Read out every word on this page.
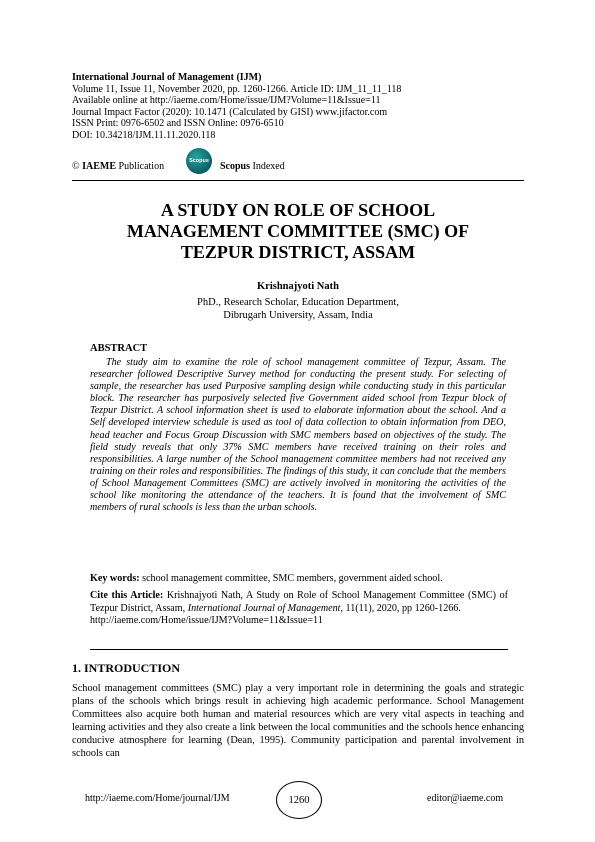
International Journal of Management (IJM)
Volume 11, Issue 11, November 2020, pp. 1260-1266. Article ID: IJM_11_11_118
Available online at http://iaeme.com/Home/issue/IJM?Volume=11&Issue=11
Journal Impact Factor (2020): 10.1471 (Calculated by GISI) www.jifactor.com
ISSN Print: 0976-6502 and ISSN Online: 0976-6510
DOI: 10.34218/IJM.11.11.2020.118
© IAEME Publication	Scopus Scopus Indexed
A STUDY ON ROLE OF SCHOOL
MANAGEMENT COMMITTEE (SMC) OF
TEZPUR DISTRICT, ASSAM
Krishnajyoti Nath
PhD., Research Scholar, Education Department,
Dibrugarh University, Assam, India
ABSTRACT

The study aim to examine the role of school management committee of Tezpur, Assam. The researcher followed Descriptive Survey method for conducting the present study. For selecting of sample, the researcher has used Purposive sampling design while conducting study in this particular block. The researcher has purposively selected five Government aided school from Tezpur block of Tezpur District. A school information sheet is used to elaborate information about the school. And a Self developed interview schedule is used as tool of data collection to obtain information from DEO, head teacher and Focus Group Discussion with SMC members based on objectives of the study. The field study reveals that only 37% SMC members have received training on their roles and responsibilities. A large number of the School management committee members had not received any training on their roles and responsibilities. The findings of this study, it can conclude that the members of School Management Committees (SMC) are actively involved in monitoring the activities of the school like monitoring the attendance of the teachers. It is found that the involvement of SMC members of rural schools is less than the urban schools.

Key words: school management committee, SMC members, government aided school.

Cite this Article: Krishnajyoti Nath, A Study on Role of School Management Committee (SMC) of Tezpur District, Assam, International Journal of Management, 11(11), 2020, pp 1260-1266.
http://iaeme.com/Home/issue/IJM?Volume=11&Issue=11

1. INTRODUCTION

School management committees (SMC) play a very important role in determining the goals and strategic plans of the schools which brings result in achieving high academic performance. School Management Committees also acquire both human and material resources which are very vital aspects in teaching and learning activities and they also create a link between the local communities and the schools hence enhancing conducive atmosphere for learning (Dean, 1995). Community participation and parental involvement in schools can

http://iaeme.com/Home/journal/IJM	1260	editor@iaeme.com
